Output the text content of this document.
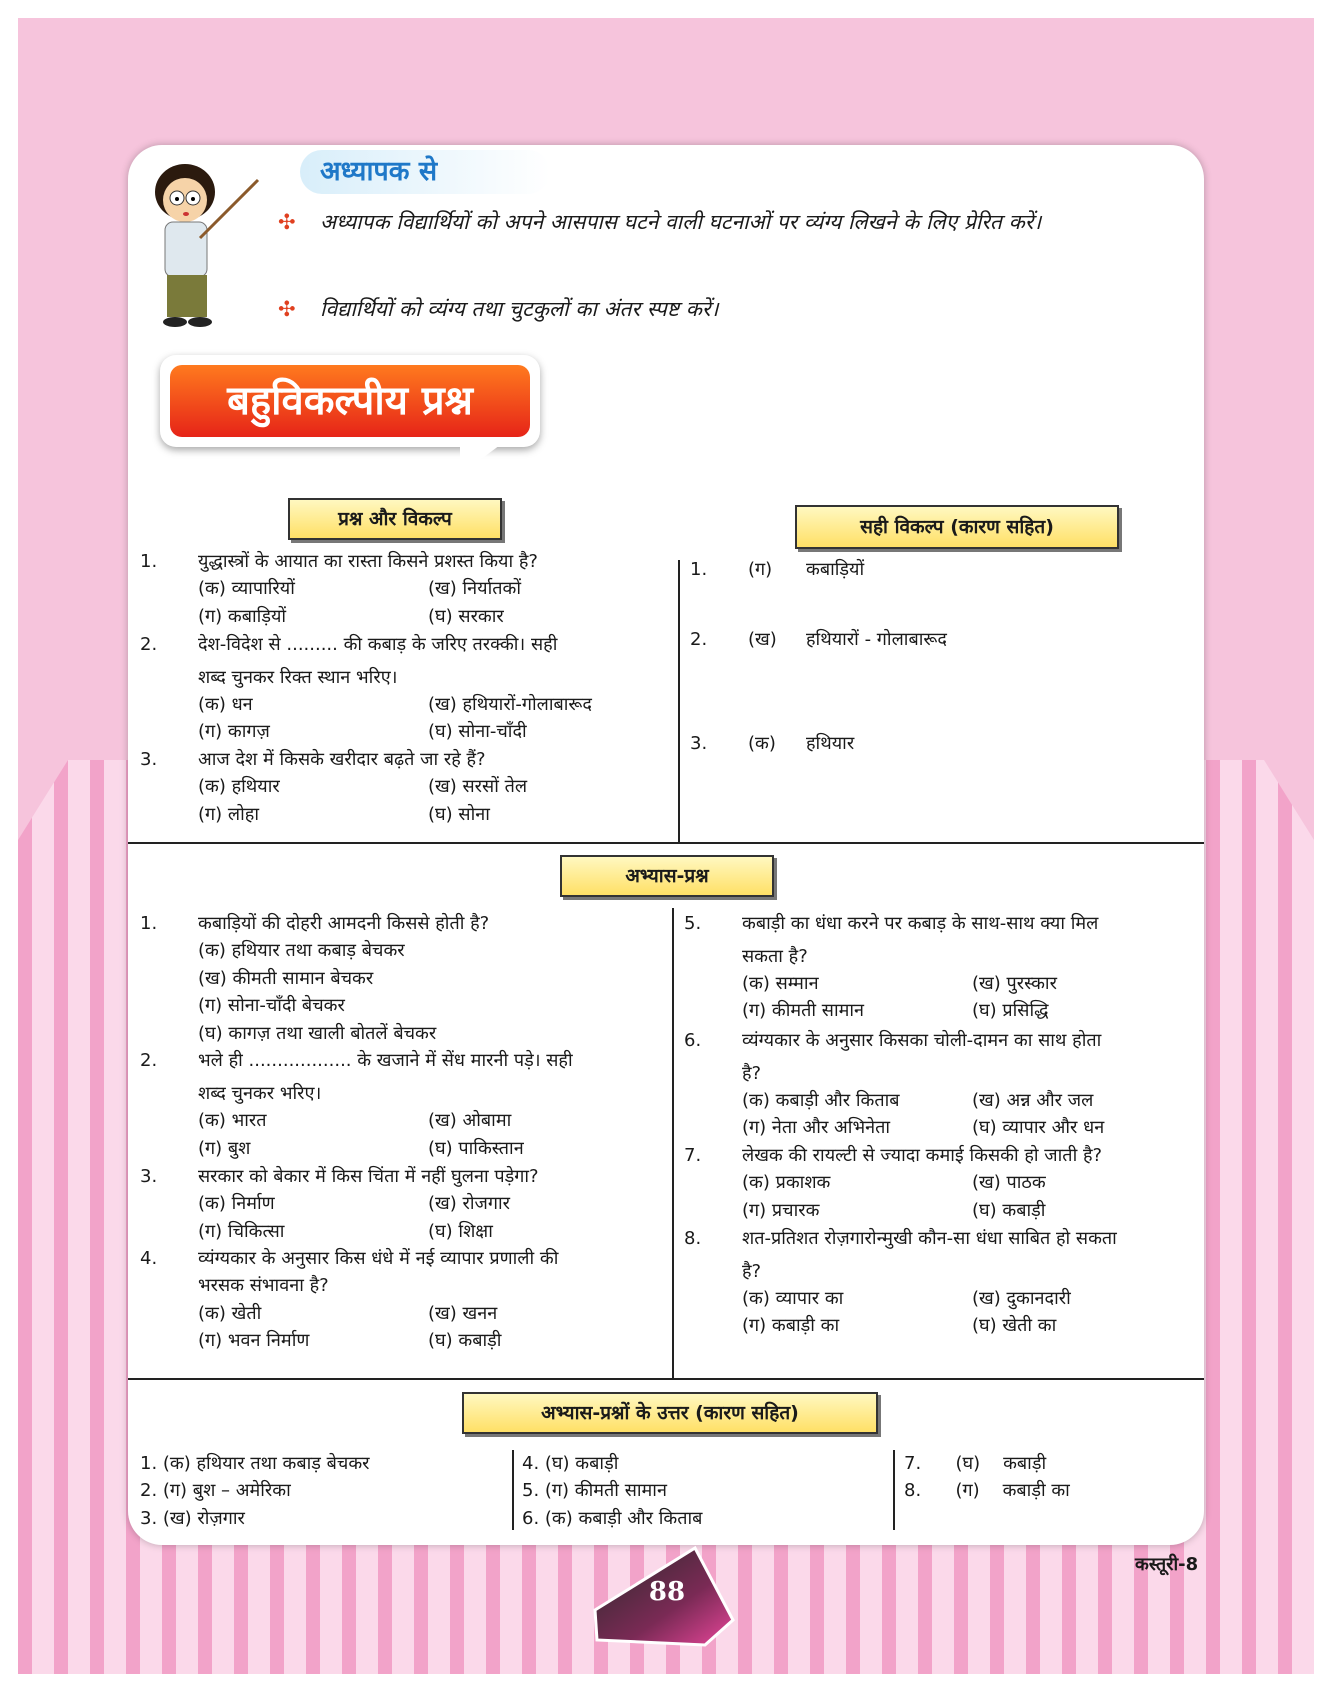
अध्यापक से
✣ अध्यापक विद्यार्थियों को अपने आसपास घटने वाली घटनाओं पर व्यंग्य लिखने के लिए प्रेरित करें।
✣ विद्यार्थियों को व्यंग्य तथा चुटकुलों का अंतर स्पष्ट करें।
बहुविकल्पीय प्रश्न
प्रश्न और विकल्प	सही विकल्प (कारण सहित)
1. युद्धास्त्रों के आयात का रास्ता किसने प्रशस्त किया है?
(क) व्यापारियों	(ख) निर्यातकों
(ग) कबाड़ियों	(घ) सरकार
2. देश-विदेश से ......... की कबाड़ के जरिए तरक्की। सही
शब्द चुनकर रिक्त स्थान भरिए।
(क) धन	(ख) हथियारों-गोलाबारूद
(ग) कागज़	(घ) सोना-चाँदी
3. आज देश में किसके खरीदार बढ़ते जा रहे हैं?
(क) हथियार	(ख) सरसों तेल
(ग) लोहा	(घ) सोना
1. (ग) कबाड़ियों
2. (ख) हथियारों - गोलाबारूद
3. (क) हथियार
अभ्यास-प्रश्न
1. कबाड़ियों की दोहरी आमदनी किससे होती है?
(क) हथियार तथा कबाड़ बेचकर
(ख) कीमती सामान बेचकर
(ग) सोना-चाँदी बेचकर
(घ) कागज़ तथा खाली बोतलें बेचकर
2. भले ही .................. के खजाने में सेंध मारनी पड़े। सही
शब्द चुनकर भरिए।
(क) भारत	(ख) ओबामा
(ग) बुश	(घ) पाकिस्तान
3. सरकार को बेकार में किस चिंता में नहीं घुलना पड़ेगा?
(क) निर्माण	(ख) रोजगार
(ग) चिकित्सा	(घ) शिक्षा
4. व्यंग्यकार के अनुसार किस धंधे में नई व्यापार प्रणाली की
भरसक संभावना है?
(क) खेती	(ख) खनन
(ग) भवन निर्माण	(घ) कबाड़ी
5. कबाड़ी का धंधा करने पर कबाड़ के साथ-साथ क्या मिल
सकता है?
(क) सम्मान	(ख) पुरस्कार
(ग) कीमती सामान	(घ) प्रसिद्धि
6. व्यंग्यकार के अनुसार किसका चोली-दामन का साथ होता
है?
(क) कबाड़ी और किताब	(ख) अन्न और जल
(ग) नेता और अभिनेता	(घ) व्यापार और धन
7. लेखक की रायल्टी से ज्यादा कमाई किसकी हो जाती है?
(क) प्रकाशक	(ख) पाठक
(ग) प्रचारक	(घ) कबाड़ी
8. शत-प्रतिशत रोज़गारोन्मुखी कौन-सा धंधा साबित हो सकता
है?
(क) व्यापार का	(ख) दुकानदारी
(ग) कबाड़ी का	(घ) खेती का
अभ्यास-प्रश्नों के उत्तर (कारण सहित)
1. (क) हथियार तथा कबाड़ बेचकर
2. (ग) बुश – अमेरिका
3. (ख) रोज़गार
4. (घ) कबाड़ी
5. (ग) कीमती सामान
6. (क) कबाड़ी और किताब
7.      (घ)    कबाड़ी
8.      (ग)    कबाड़ी का
88
कस्तूरी-8
